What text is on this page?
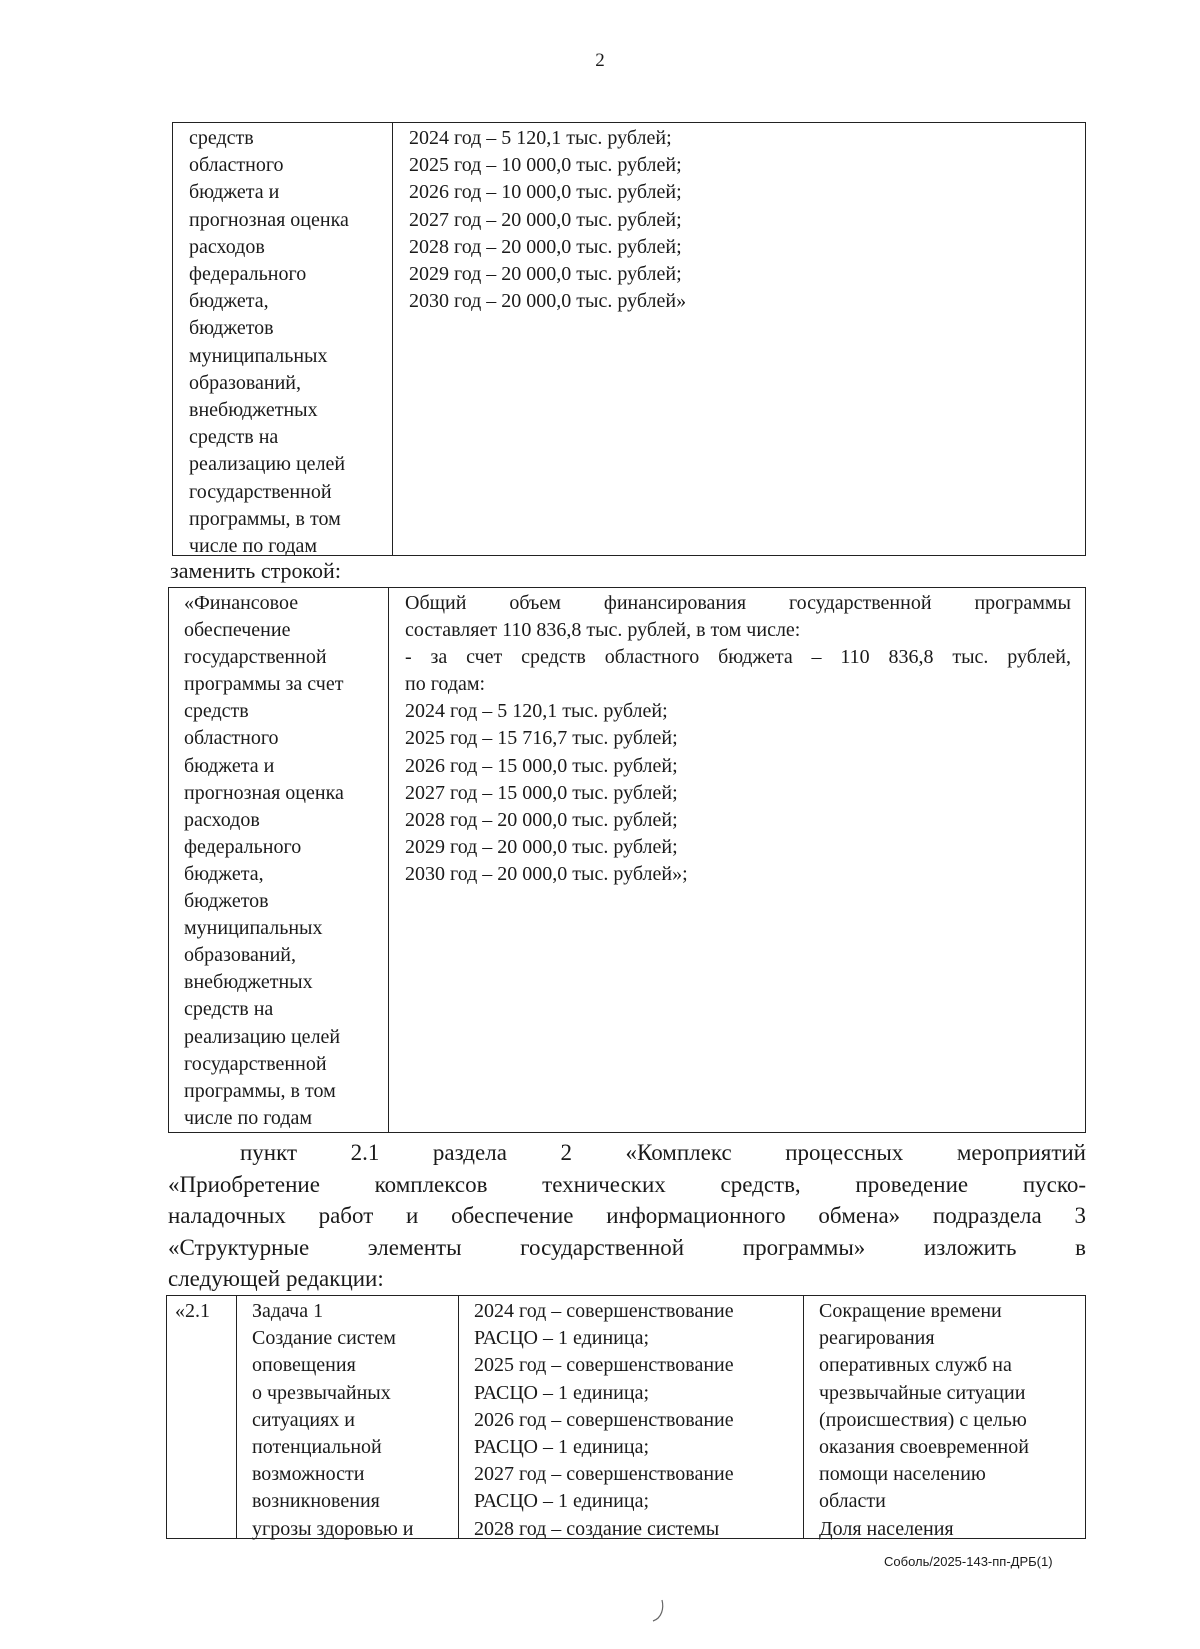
2
средств
областного
бюджета и
прогнозная оценка
расходов
федерального
бюджета,
бюджетов
муниципальных
образований,
внебюджетных
средств на
реализацию целей
государственной
программы, в том
числе по годам
2024 год – 5 120,1 тыс. рублей;
2025 год – 10 000,0 тыс. рублей;
2026 год – 10 000,0 тыс. рублей;
2027 год – 20 000,0 тыс. рублей;
2028 год – 20 000,0 тыс. рублей;
2029 год – 20 000,0 тыс. рублей;
2030 год – 20 000,0 тыс. рублей»
заменить строкой:
«Финансовое
обеспечение
государственной
программы за счет
средств
областного
бюджета и
прогнозная оценка
расходов
федерального
бюджета,
бюджетов
муниципальных
образований,
внебюджетных
средств на
реализацию целей
государственной
программы, в том
числе по годам
Общий объем финансирования государственной программы
составляет 110 836,8 тыс. рублей, в том числе:
- за счет средств областного бюджета – 110 836,8 тыс. рублей,
по годам:
2024 год – 5 120,1 тыс. рублей;
2025 год – 15 716,7 тыс. рублей;
2026 год – 15 000,0 тыс. рублей;
2027 год – 15 000,0 тыс. рублей;
2028 год – 20 000,0 тыс. рублей;
2029 год – 20 000,0 тыс. рублей;
2030 год – 20 000,0 тыс. рублей»;
пункт 2.1 раздела 2 «Комплекс процессных мероприятий
«Приобретение комплексов технических средств, проведение пуско-
наладочных работ и обеспечение информационного обмена» подраздела 3
«Структурные элементы государственной программы» изложить в
следующей редакции:
«2.1	Задача 1
Создание систем
оповещения
о чрезвычайных
ситуациях и
потенциальной
возможности
возникновения
угрозы здоровью и
2024 год – совершенствование
РАСЦО – 1 единица;
2025 год – совершенствование
РАСЦО – 1 единица;
2026 год – совершенствование
РАСЦО – 1 единица;
2027 год – совершенствование
РАСЦО – 1 единица;
2028 год – создание системы
Сокращение времени
реагирования
оперативных служб на
чрезвычайные ситуации
(происшествия) с целью
оказания своевременной
помощи населению
области
Доля населения
Соболь/2025-143-пп-ДРБ(1)
